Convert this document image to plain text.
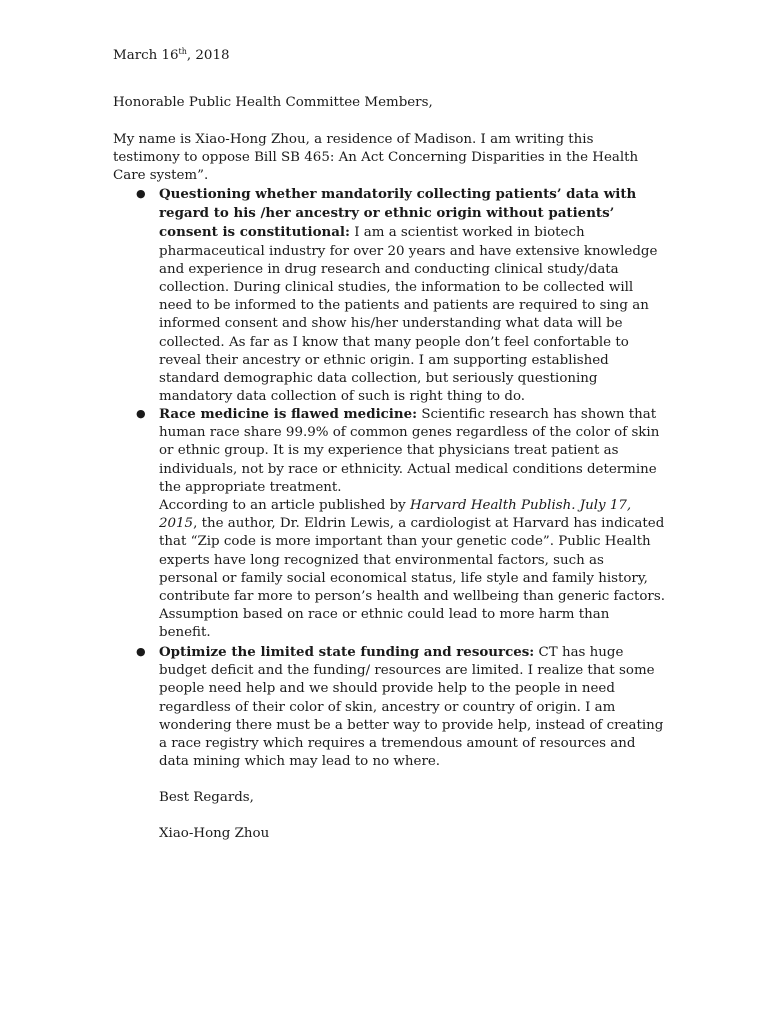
March 16th, 2018
Honorable Public Health Committee Members,

My name is Xiao-Hong Zhou, a residence of Madison. I am writing this testimony to oppose Bill SB 465: An Act Concerning Disparities in the Health Care system”.

● Questioning whether mandatorily collecting patients’ data with regard to his /her ancestry or ethnic origin without patients’ consent is constitutional: I am a scientist worked in biotech pharmaceutical industry for over 20 years and have extensive knowledge and experience in drug research and conducting clinical study/data collection. During clinical studies, the information to be collected will need to be informed to the patients and patients are required to sing an informed consent and show his/her understanding what data will be collected. As far as I know that many people don’t feel confortable to reveal their ancestry or ethnic origin. I am supporting established standard demographic data collection, but seriously questioning mandatory data collection of such is right thing to do.

● Race medicine is flawed medicine: Scientific research has shown that human race share 99.9% of common genes regardless of the color of skin or ethnic group. It is my experience that physicians treat patient as individuals, not by race or ethnicity. Actual medical conditions determine the appropriate treatment.

According to an article published by Harvard Health Publish. July 17, 2015, the author, Dr. Eldrin Lewis, a cardiologist at Harvard has indicated that “Zip code is more important than your genetic code”. Public Health experts have long recognized that environmental factors, such as personal or family social economical status, life style and family history, contribute far more to person’s health and wellbeing than generic factors. Assumption based on race or ethnic could lead to more harm than benefit.

● Optimize the limited state funding and resources: CT has huge budget deficit and the funding/ resources are limited. I realize that some people need help and we should provide help to the people in need regardless of their color of skin, ancestry or country of origin. I am wondering there must be a better way to provide help, instead of creating a race registry which requires a tremendous amount of resources and data mining which may lead to no where.

Best Regards,
Xiao-Hong Zhou
